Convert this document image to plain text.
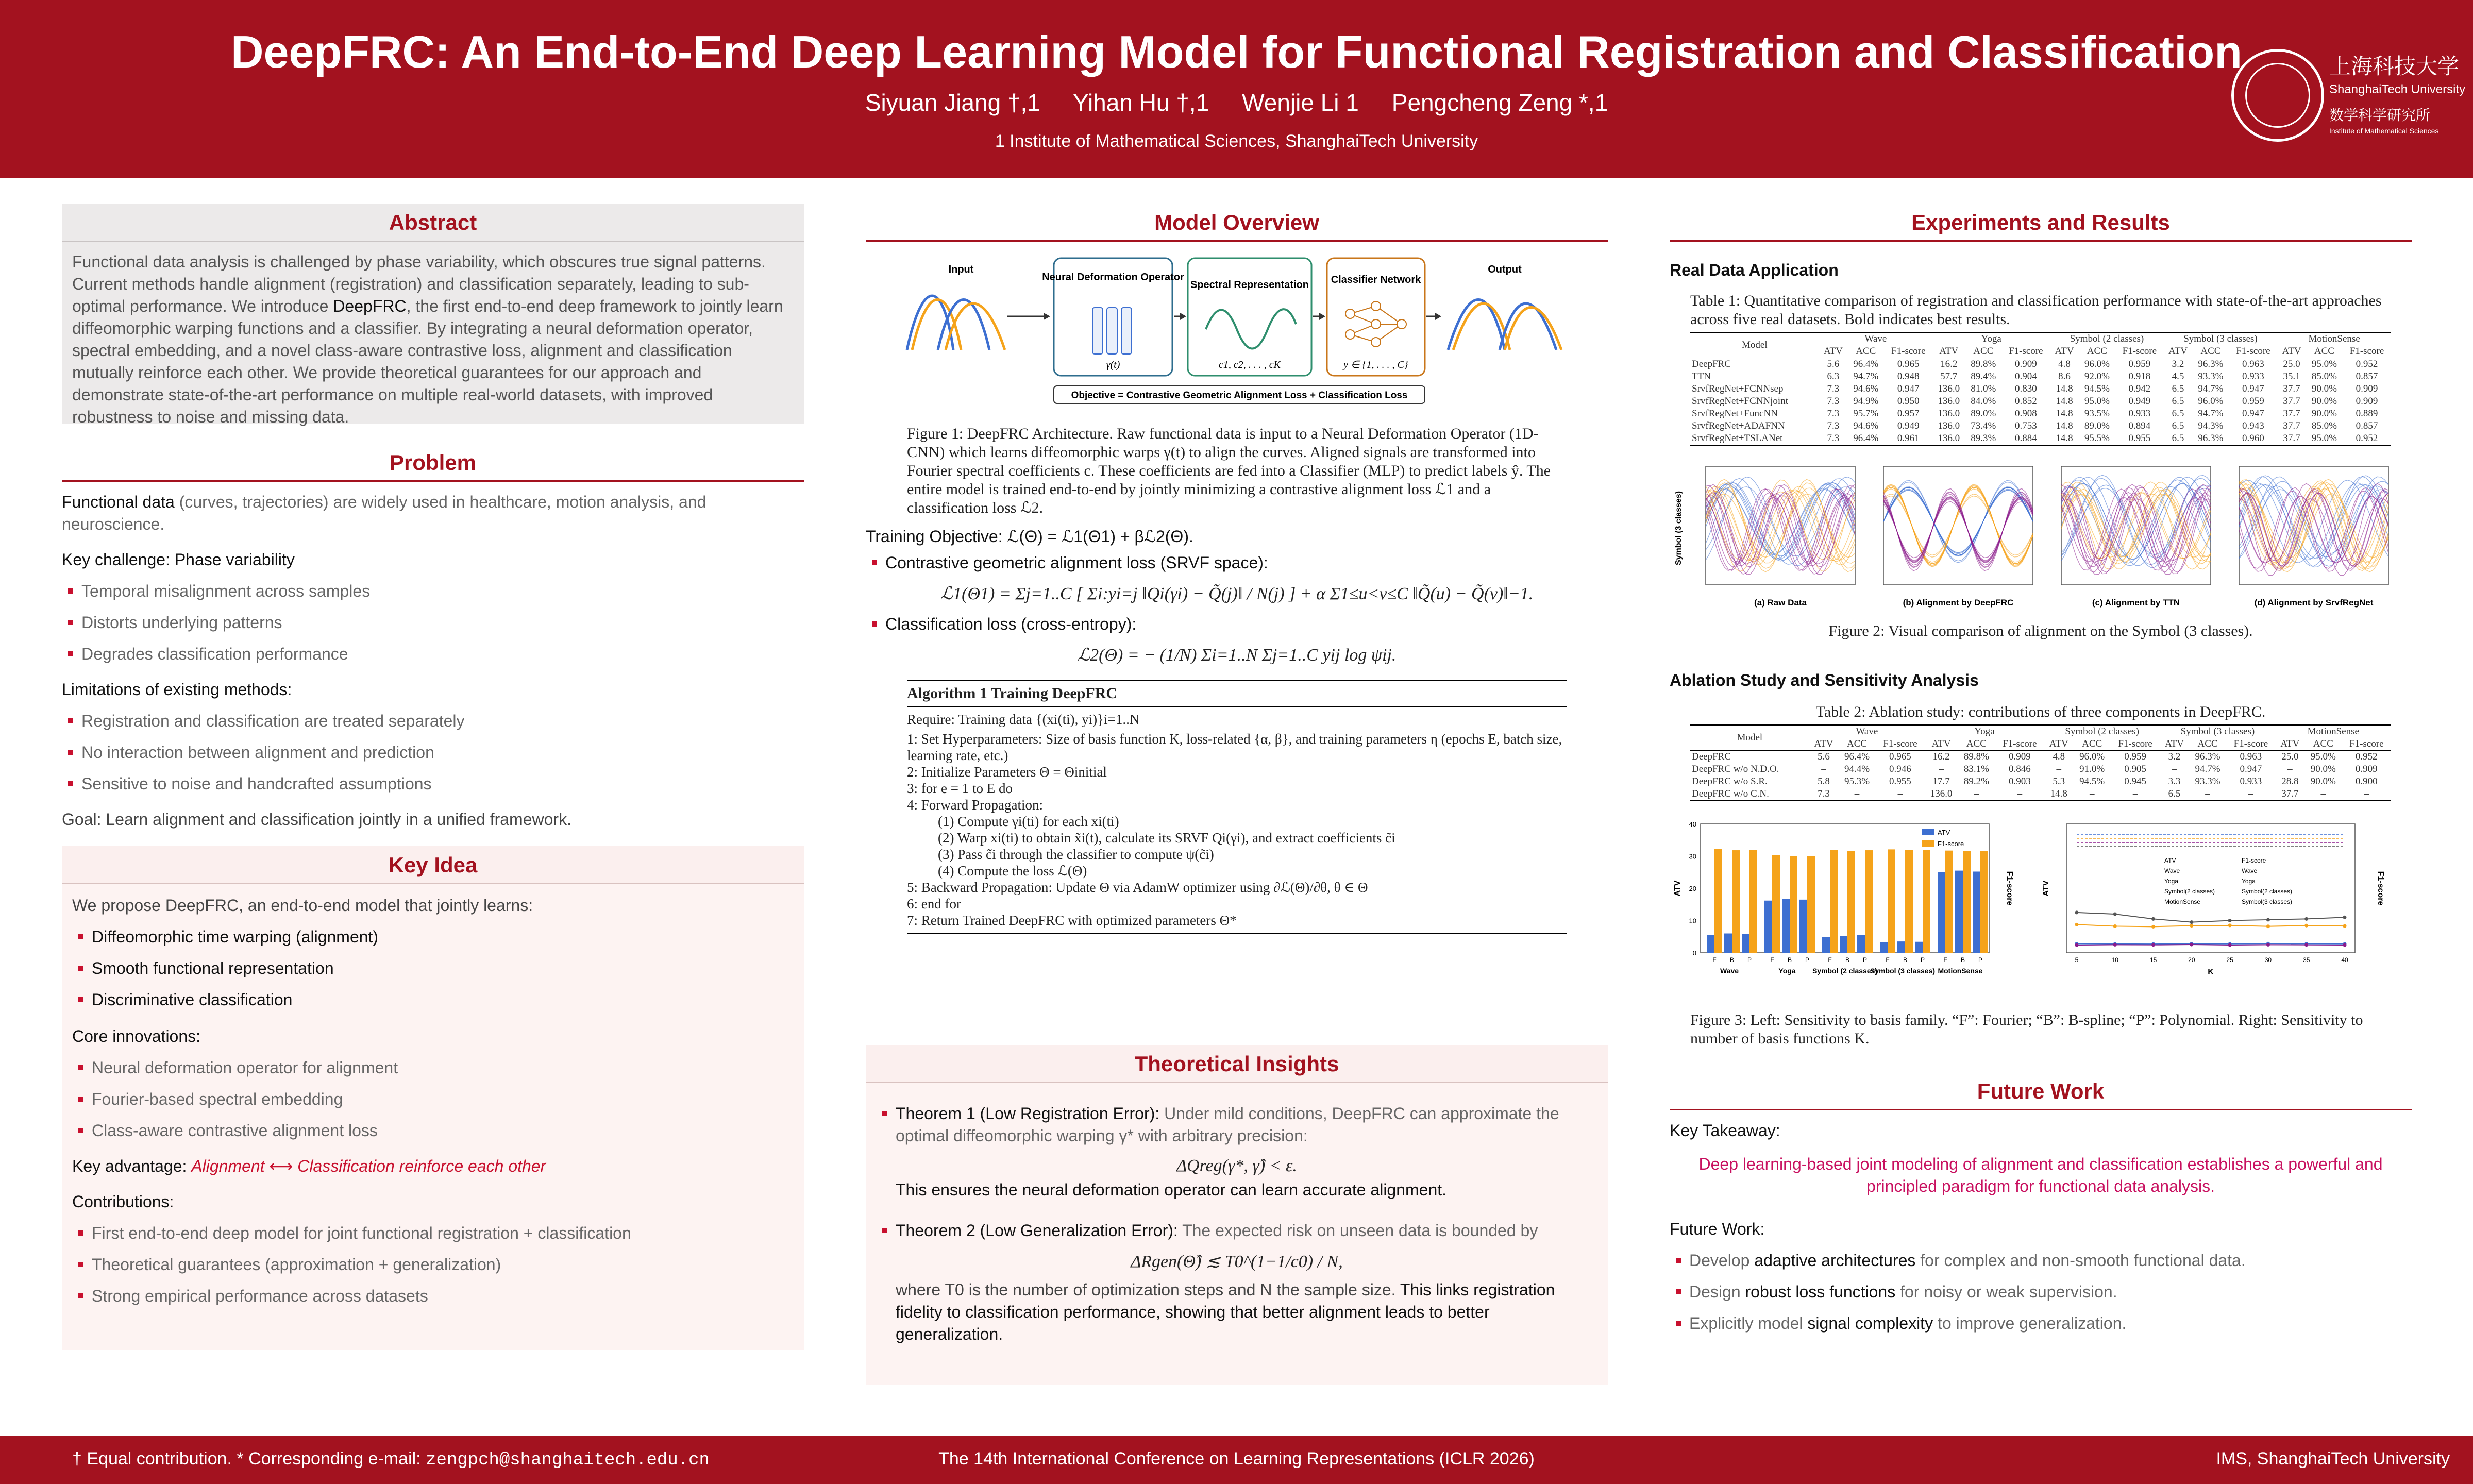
DeepFRC: An End-to-End Deep Learning Model for Functional Registration and Classification
Siyuan Jiang †,1 Yihan Hu †,1 Wenjie Li 1 Pengcheng Zeng *,1
1 Institute of Mathematical Sciences, ShanghaiTech University
上海科技大学
ShanghaiTech University
数学科学研究所
Institute of Mathematical Sciences
Abstract
Functional data analysis is challenged by phase variability, which obscures true signal patterns. Current methods handle alignment (registration) and classification separately, leading to sub-optimal performance. We introduce DeepFRC, the first end-to-end deep framework to jointly learn diffeomorphic warping functions and a classifier. By integrating a neural deformation operator, spectral embedding, and a novel class-aware contrastive loss, alignment and classification mutually reinforce each other. We provide theoretical guarantees for our approach and demonstrate state-of-the-art performance on multiple real-world datasets, with improved robustness to noise and missing data.
Problem
Functional data (curves, trajectories) are widely used in healthcare, motion analysis, and neuroscience.
Key challenge: Phase variability
Temporal misalignment across samples
Distorts underlying patterns
Degrades classification performance
Limitations of existing methods:
Registration and classification are treated separately
No interaction between alignment and prediction
Sensitive to noise and handcrafted assumptions
Goal: Learn alignment and classification jointly in a unified framework.
Key Idea
We propose DeepFRC, an end-to-end model that jointly learns:
Diffeomorphic time warping (alignment)
Smooth functional representation
Discriminative classification
Core innovations:
Neural deformation operator for alignment
Fourier-based spectral embedding
Class-aware contrastive alignment loss
Key advantage: Alignment ⟷ Classification reinforce each other
Contributions:
First end-to-end deep model for joint functional registration + classification
Theoretical guarantees (approximation + generalization)
Strong empirical performance across datasets
Model Overview
Input
Neural Deformation Operator
γ(t)
Spectral Representation
c1, c2, . . . , cK
Classifier Network
y ∈ {1, . . . , C}
Output
Objective = Contrastive Geometric Alignment Loss + Classification Loss
Figure 1: DeepFRC Architecture. Raw functional data is input to a Neural Deformation Operator (1D-CNN) which learns diffeomorphic warps γ(t) to align the curves. Aligned signals are transformed into Fourier spectral coefficients c. These coefficients are fed into a Classifier (MLP) to predict labels ŷ. The entire model is trained end-to-end by jointly minimizing a contrastive alignment loss ℒ1 and a classification loss ℒ2.
Training Objective: ℒ(Θ) = ℒ1(Θ1) + βℒ2(Θ).
Contrastive geometric alignment loss (SRVF space):
ℒ1(Θ1) = Σj=1..C [ Σi:yi=j ‖Qi(γi) − Q̃(j)‖ / N(j) ] + α Σ1≤u<v≤C ‖Q̃(u) − Q̃(v)‖−1.
Classification loss (cross-entropy):
ℒ2(Θ) = − (1/N) Σi=1..N Σj=1..C yij log ψij.
Algorithm 1 Training DeepFRC
Require: Training data {(xi(ti), yi)}i=1..N
1: Set Hyperparameters: Size of basis function K, loss-related {α, β}, and training parameters η (epochs E, batch size, learning rate, etc.)
2: Initialize Parameters Θ = Θinitial
3: for e = 1 to E do
4: Forward Propagation:
(1) Compute γi(ti) for each xi(ti)
(2) Warp xi(ti) to obtain x̃i(t), calculate its SRVF Qi(γi), and extract coefficients c̃i
(3) Pass c̃i through the classifier to compute ψ(c̃i)
(4) Compute the loss ℒ(Θ)
5: Backward Propagation: Update Θ via AdamW optimizer using ∂ℒ(Θ)/∂θ, θ ∈ Θ
6: end for
7: Return Trained DeepFRC with optimized parameters Θ*
Theoretical Insights
Theorem 1 (Low Registration Error): Under mild conditions, DeepFRC can approximate the optimal diffeomorphic warping γ* with arbitrary precision:
ΔQreg(γ*, γ̂) < ε.
This ensures the neural deformation operator can learn accurate alignment.
Theorem 2 (Low Generalization Error): The expected risk on unseen data is bounded by
ΔRgen(Θ̂) ≲ T0^(1−1/c0) / N,
where T0 is the number of optimization steps and N the sample size. This links registration fidelity to classification performance, showing that better alignment leads to better generalization.
Experiments and Results
Real Data Application
Table 1: Quantitative comparison of registration and classification performance with state-of-the-art approaches across five real datasets. Bold indicates best results.
Model	Wave			Yoga			Symbol (2 classes)			Symbol (3 classes)			MotionSense		
	ATV	ACC	F1-score	ATV	ACC	F1-score	ATV	ACC	F1-score	ATV	ACC	F1-score	ATV	ACC	F1-score
DeepFRC	5.6	96.4%	0.965	16.2	89.8%	0.909	4.8	96.0%	0.959	3.2	96.3%	0.963	25.0	95.0%	0.952
TTN	6.3	94.7%	0.948	57.7	89.4%	0.904	8.6	92.0%	0.918	4.5	93.3%	0.933	35.1	85.0%	0.857
SrvfRegNet+FCNNsep	7.3	94.6%	0.947	136.0	81.0%	0.830	14.8	94.5%	0.942	6.5	94.7%	0.947	37.7	90.0%	0.909
SrvfRegNet+FCNNjoint	7.3	94.9%	0.950	136.0	84.0%	0.852	14.8	95.0%	0.949	6.5	96.0%	0.959	37.7	90.0%	0.909
SrvfRegNet+FuncNN	7.3	95.7%	0.957	136.0	89.0%	0.908	14.8	93.5%	0.933	6.5	94.7%	0.947	37.7	90.0%	0.889
SrvfRegNet+ADAFNN	7.3	94.6%	0.949	136.0	73.4%	0.753	14.8	89.0%	0.894	6.5	94.3%	0.943	37.7	85.0%	0.857
SrvfRegNet+TSLANet	7.3	96.4%	0.961	136.0	89.3%	0.884	14.8	95.5%	0.955	6.5	96.3%	0.960	37.7	95.0%	0.952
Symbol (3 classes)
(a) Raw Data	(b) Alignment by DeepFRC	(c) Alignment by TTN	(d) Alignment by SrvfRegNet
Figure 2: Visual comparison of alignment on the Symbol (3 classes).
Ablation Study and Sensitivity Analysis
Table 2: Ablation study: contributions of three components in DeepFRC.
Model	Wave			Yoga			Symbol (2 classes)			Symbol (3 classes)			MotionSense		
	ATV	ACC	F1-score	ATV	ACC	F1-score	ATV	ACC	F1-score	ATV	ACC	F1-score	ATV	ACC	F1-score
DeepFRC	5.6	96.4%	0.965	16.2	89.8%	0.909	4.8	96.0%	0.959	3.2	96.3%	0.963	25.0	95.0%	0.952
DeepFRC w/o N.D.O.	–	94.4%	0.946	–	83.1%	0.846	–	91.0%	0.905	–	94.7%	0.947	–	90.0%	0.909
DeepFRC w/o S.R.	5.8	95.3%	0.955	17.7	89.2%	0.903	5.3	94.5%	0.945	3.3	93.3%	0.933	28.8	90.0%	0.900
DeepFRC w/o C.N.	7.3	–	–	136.0	–	–	14.8	–	–	6.5	–	–	37.7	–	–
ATV	F1-score
0
10
20
30
40
F B P
Wave
F B P
Yoga
F B P
Symbol (2 classes)
F B P
Symbol (3 classes)
F B P
MotionSense
ATV
F1-score
ATV	F1-score
K
5	10	15	20	25	30	35	40
ATV
Wave
Yoga
Symbol(2 classes)
MotionSense
F1-score
Wave
Yoga
Symbol(2 classes)
Symbol(3 classes)
Figure 3: Left: Sensitivity to basis family. “F”: Fourier; “B”: B-spline; “P”: Polynomial. Right: Sensitivity to number of basis functions K.
Future Work
Key Takeaway:
Deep learning-based joint modeling of alignment and classification establishes a powerful and principled paradigm for functional data analysis.
Future Work:
Develop adaptive architectures for complex and non-smooth functional data.
Design robust loss functions for noisy or weak supervision.
Explicitly model signal complexity to improve generalization.
† Equal contribution. * Corresponding e-mail: zengpch@shanghaitech.edu.cn	The 14th International Conference on Learning Representations (ICLR 2026)	IMS, ShanghaiTech University
